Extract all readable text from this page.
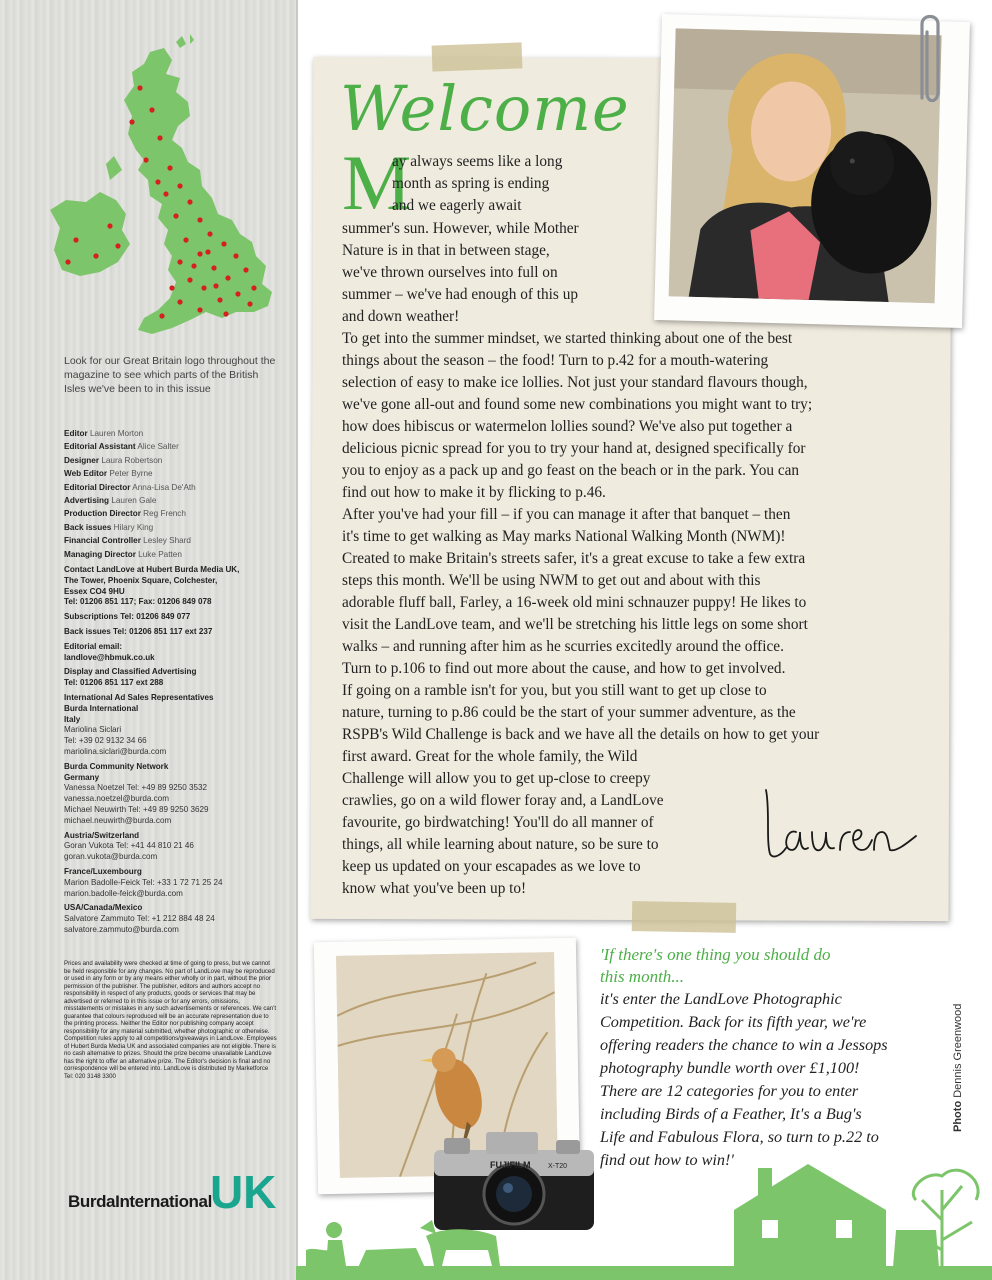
Look for our Great Britain logo throughout the magazine to see which parts of the British Isles we've been to in this issue
Editor Lauren Morton
Editorial Assistant Alice Salter
Designer Laura Robertson
Web Editor Peter Byrne
Editorial Director Anna-Lisa De'Ath
Advertising Lauren Gale
Production Director Reg French
Back issues Hilary King
Financial Controller Lesley Shard
Managing Director Luke Patten
Contact LandLove at Hubert Burda Media UK,
The Tower, Phoenix Square, Colchester,
Essex CO4 9HU
Tel: 01206 851 117; Fax: 01206 849 078
Subscriptions Tel: 01206 849 077
Back issues Tel: 01206 851 117 ext 237
Editorial email:
landlove@hbmuk.co.uk
Display and Classified Advertising
Tel: 01206 851 117 ext 288
International Ad Sales Representatives
Burda International
Italy
Mariolina Siclari
Tel: +39 02 9132 34 66
mariolina.siclari@burda.com
Burda Community Network
Germany
Vanessa Noetzel Tel: +49 89 9250 3532
vanessa.noetzel@burda.com
Michael Neuwirth Tel: +49 89 9250 3629
michael.neuwirth@burda.com
Austria/Switzerland
Goran Vukota Tel: +41 44 810 21 46
goran.vukota@burda.com
France/Luxembourg
Marion Badolle-Feick Tel: +33 1 72 71 25 24
marion.badolle-feick@burda.com
USA/Canada/Mexico
Salvatore Zammuto Tel: +1 212 884 48 24
salvatore.zammuto@burda.com
Prices and availability were checked at time of going to press, but we cannot be held responsible for any changes. No part of LandLove may be reproduced or used in any form or by any means either wholly or in part, without the prior permission of the publisher. The publisher, editors and authors accept no responsibility in respect of any products, goods or services that may be advertised or referred to in this issue or for any errors, omissions, misstatements or mistakes in any such advertisements or references. We can't guarantee that colours reproduced will be an accurate representation due to the printing process. Neither the Editor nor publishing company accept responsibility for any material submitted, whether photographic or otherwise. Competition rules apply to all competitions/giveaways in LandLove. Employees of Hubert Burda Media UK and associated companies are not eligible. There is no cash alternative to prizes. Should the prize become unavailable LandLove has the right to offer an alternative prize. The Editor's decision is final and no correspondence will be entered into. LandLove is distributed by Marketforce Tel: 020 3148 3300
BurdaInternational
UK
Welcome
M
ay always seems like a long
month as spring is ending
and we eagerly await
summer's sun. However, while Mother
Nature is in that in between stage,
we've thrown ourselves into full on
summer – we've had enough of this up
and down weather!
To get into the summer mindset, we started thinking about one of the best
things about the season – the food! Turn to p.42 for a mouth-watering
selection of easy to make ice lollies. Not just your standard flavours though,
we've gone all-out and found some new combinations you might want to try;
how does hibiscus or watermelon lollies sound? We've also put together a
delicious picnic spread for you to try your hand at, designed specifically for
you to enjoy as a pack up and go feast on the beach or in the park. You can
find out how to make it by flicking to p.46.
After you've had your fill – if you can manage it after that banquet – then
it's time to get walking as May marks National Walking Month (NWM)!
Created to make Britain's streets safer, it's a great excuse to take a few extra
steps this month. We'll be using NWM to get out and about with this
adorable fluff ball, Farley, a 16-week old mini schnauzer puppy! He likes to
visit the LandLove team, and we'll be stretching his little legs on some short
walks – and running after him as he scurries excitedly around the office.
Turn to p.106 to find out more about the cause, and how to get involved.
If going on a ramble isn't for you, but you still want to get up close to
nature, turning to p.86 could be the start of your summer adventure, as the
RSPB's Wild Challenge is back and we have all the details on how to get your
first award. Great for the whole family, the Wild
Challenge will allow you to get up-close to creepy
crawlies, go on a wild flower foray and, a LandLove
favourite, go birdwatching! You'll do all manner of
things, all while learning about nature, so be sure to
keep us updated on your escapades as we love to
know what you've been up to!
FUJIFILM	X-T20
'If there's one thing you should do
this month...
it's enter the LandLove Photographic
Competition. Back for its fifth year, we're
offering readers the chance to win a Jessops
photography bundle worth over £1,100!
There are 12 categories for you to enter
including Birds of a Feather, It's a Bug's
Life and Fabulous Flora, so turn to p.22 to
find out how to win!'
Photo Dennis Greenwood
